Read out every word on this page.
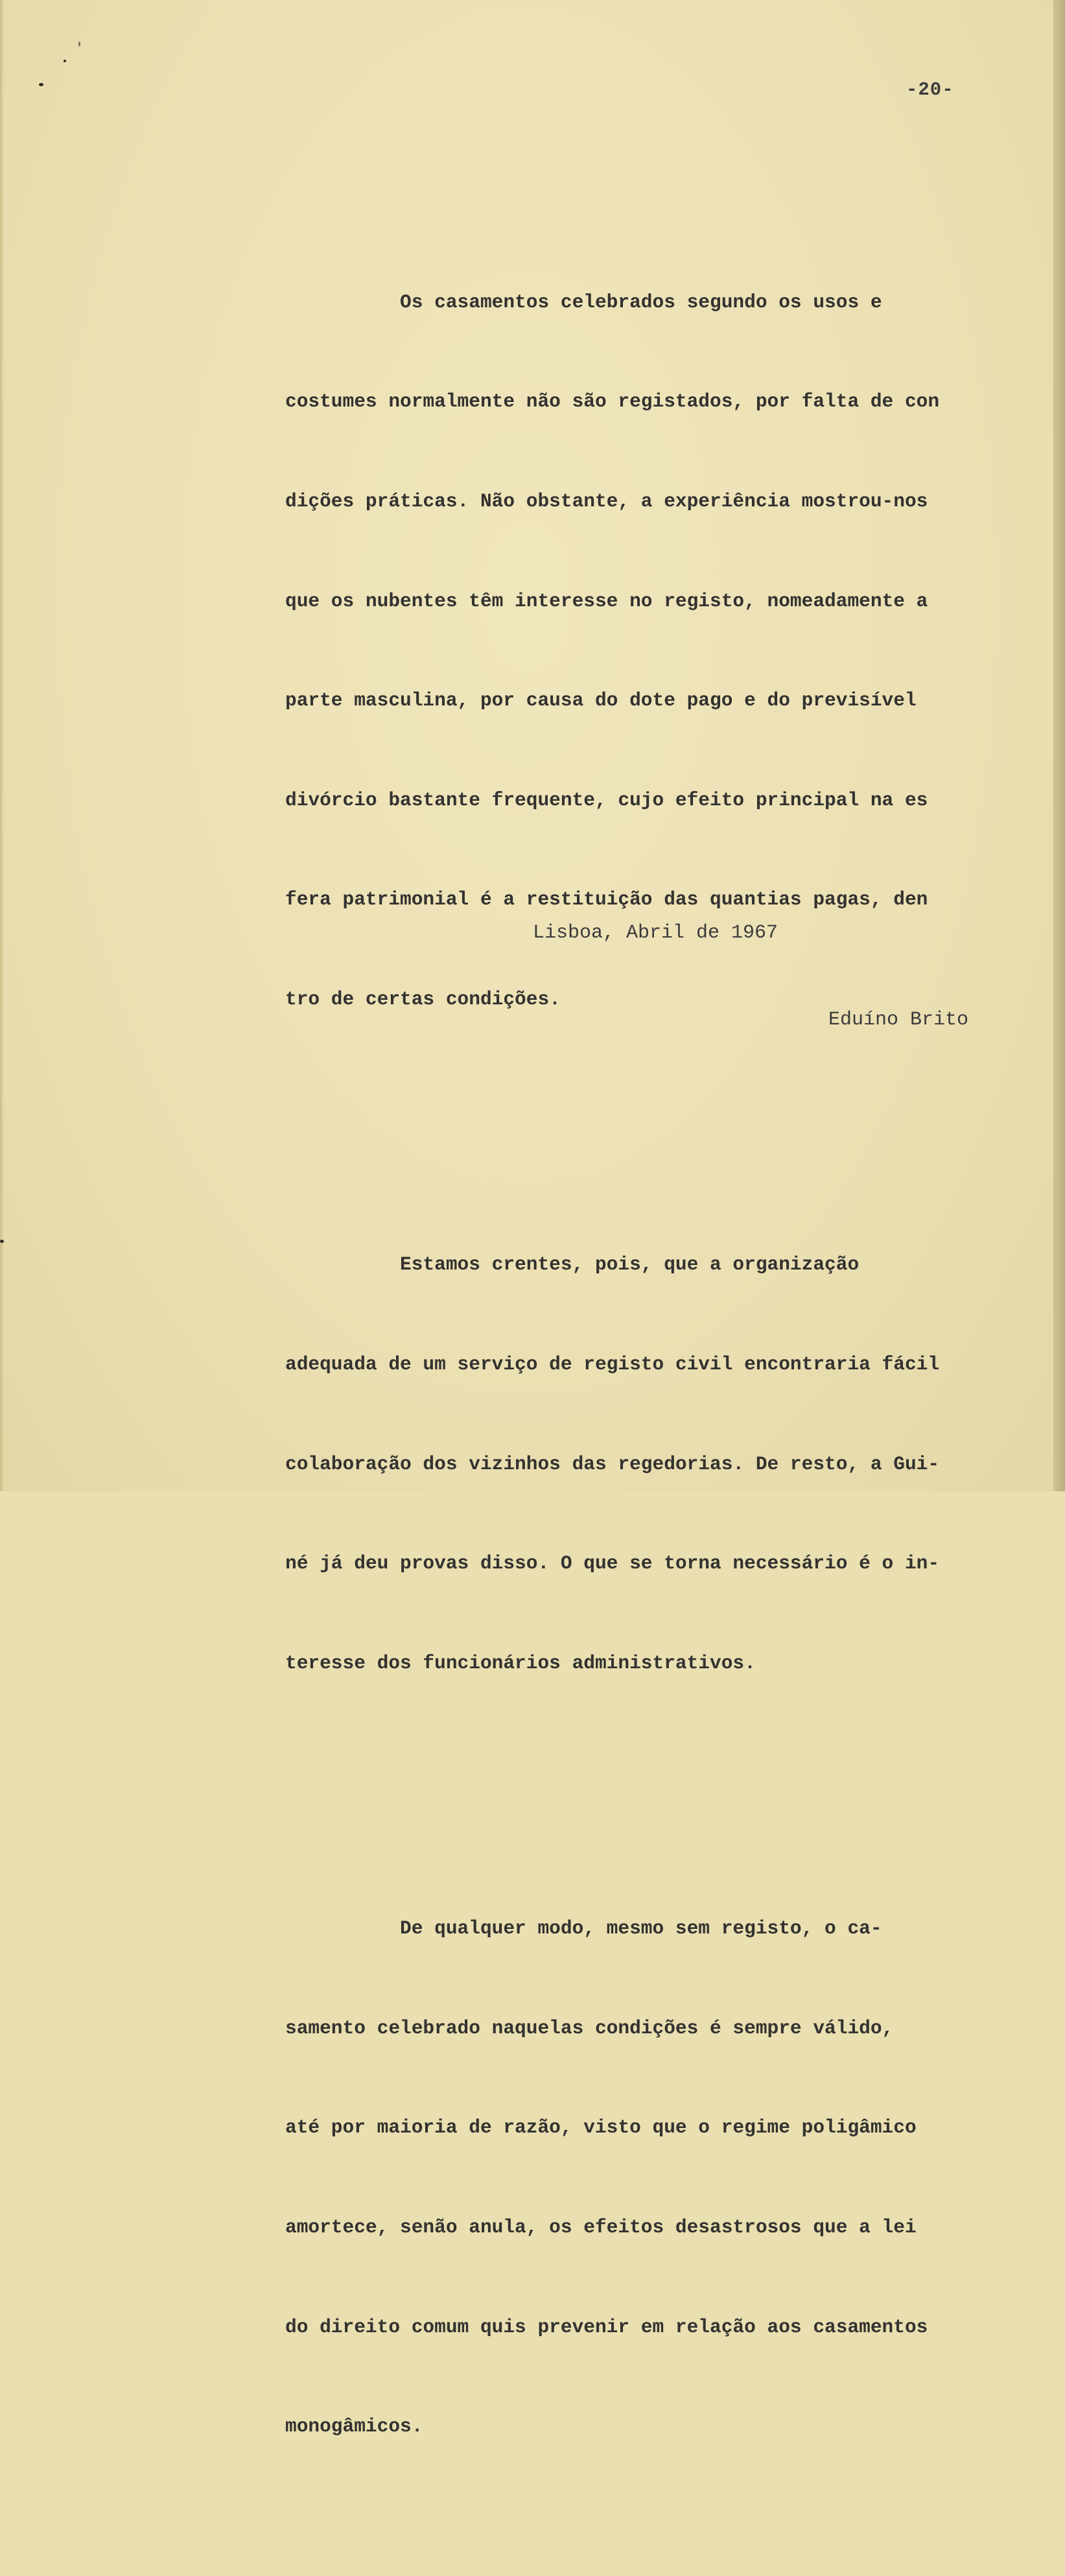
-20-

Os casamentos celebrados segundo os usos e

costumes normalmente não são registados, por falta de con

dições práticas. Não obstante, a experiência mostrou-nos

que os nubentes têm interesse no registo, nomeadamente a

parte masculina, por causa do dote pago e do previsível

divórcio bastante frequente, cujo efeito principal na es

fera patrimonial é a restituição das quantias pagas, den

tro de certas condições.

Estamos crentes, pois, que a organização

adequada de um serviço de registo civil encontraria fácil

colaboração dos vizinhos das regedorias. De resto, a Gui-

né já deu provas disso. O que se torna necessário é o in-

teresse dos funcionários administrativos.

De qualquer modo, mesmo sem registo, o ca-

samento celebrado naquelas condições é sempre válido,

até por maioria de razão, visto que o regime poligâmico

amortece, senão anula, os efeitos desastrosos que a lei

do direito comum quis prevenir em relação aos casamentos

monogâmicos.

Lisboa, Abril de 1967
Eduíno Brito
